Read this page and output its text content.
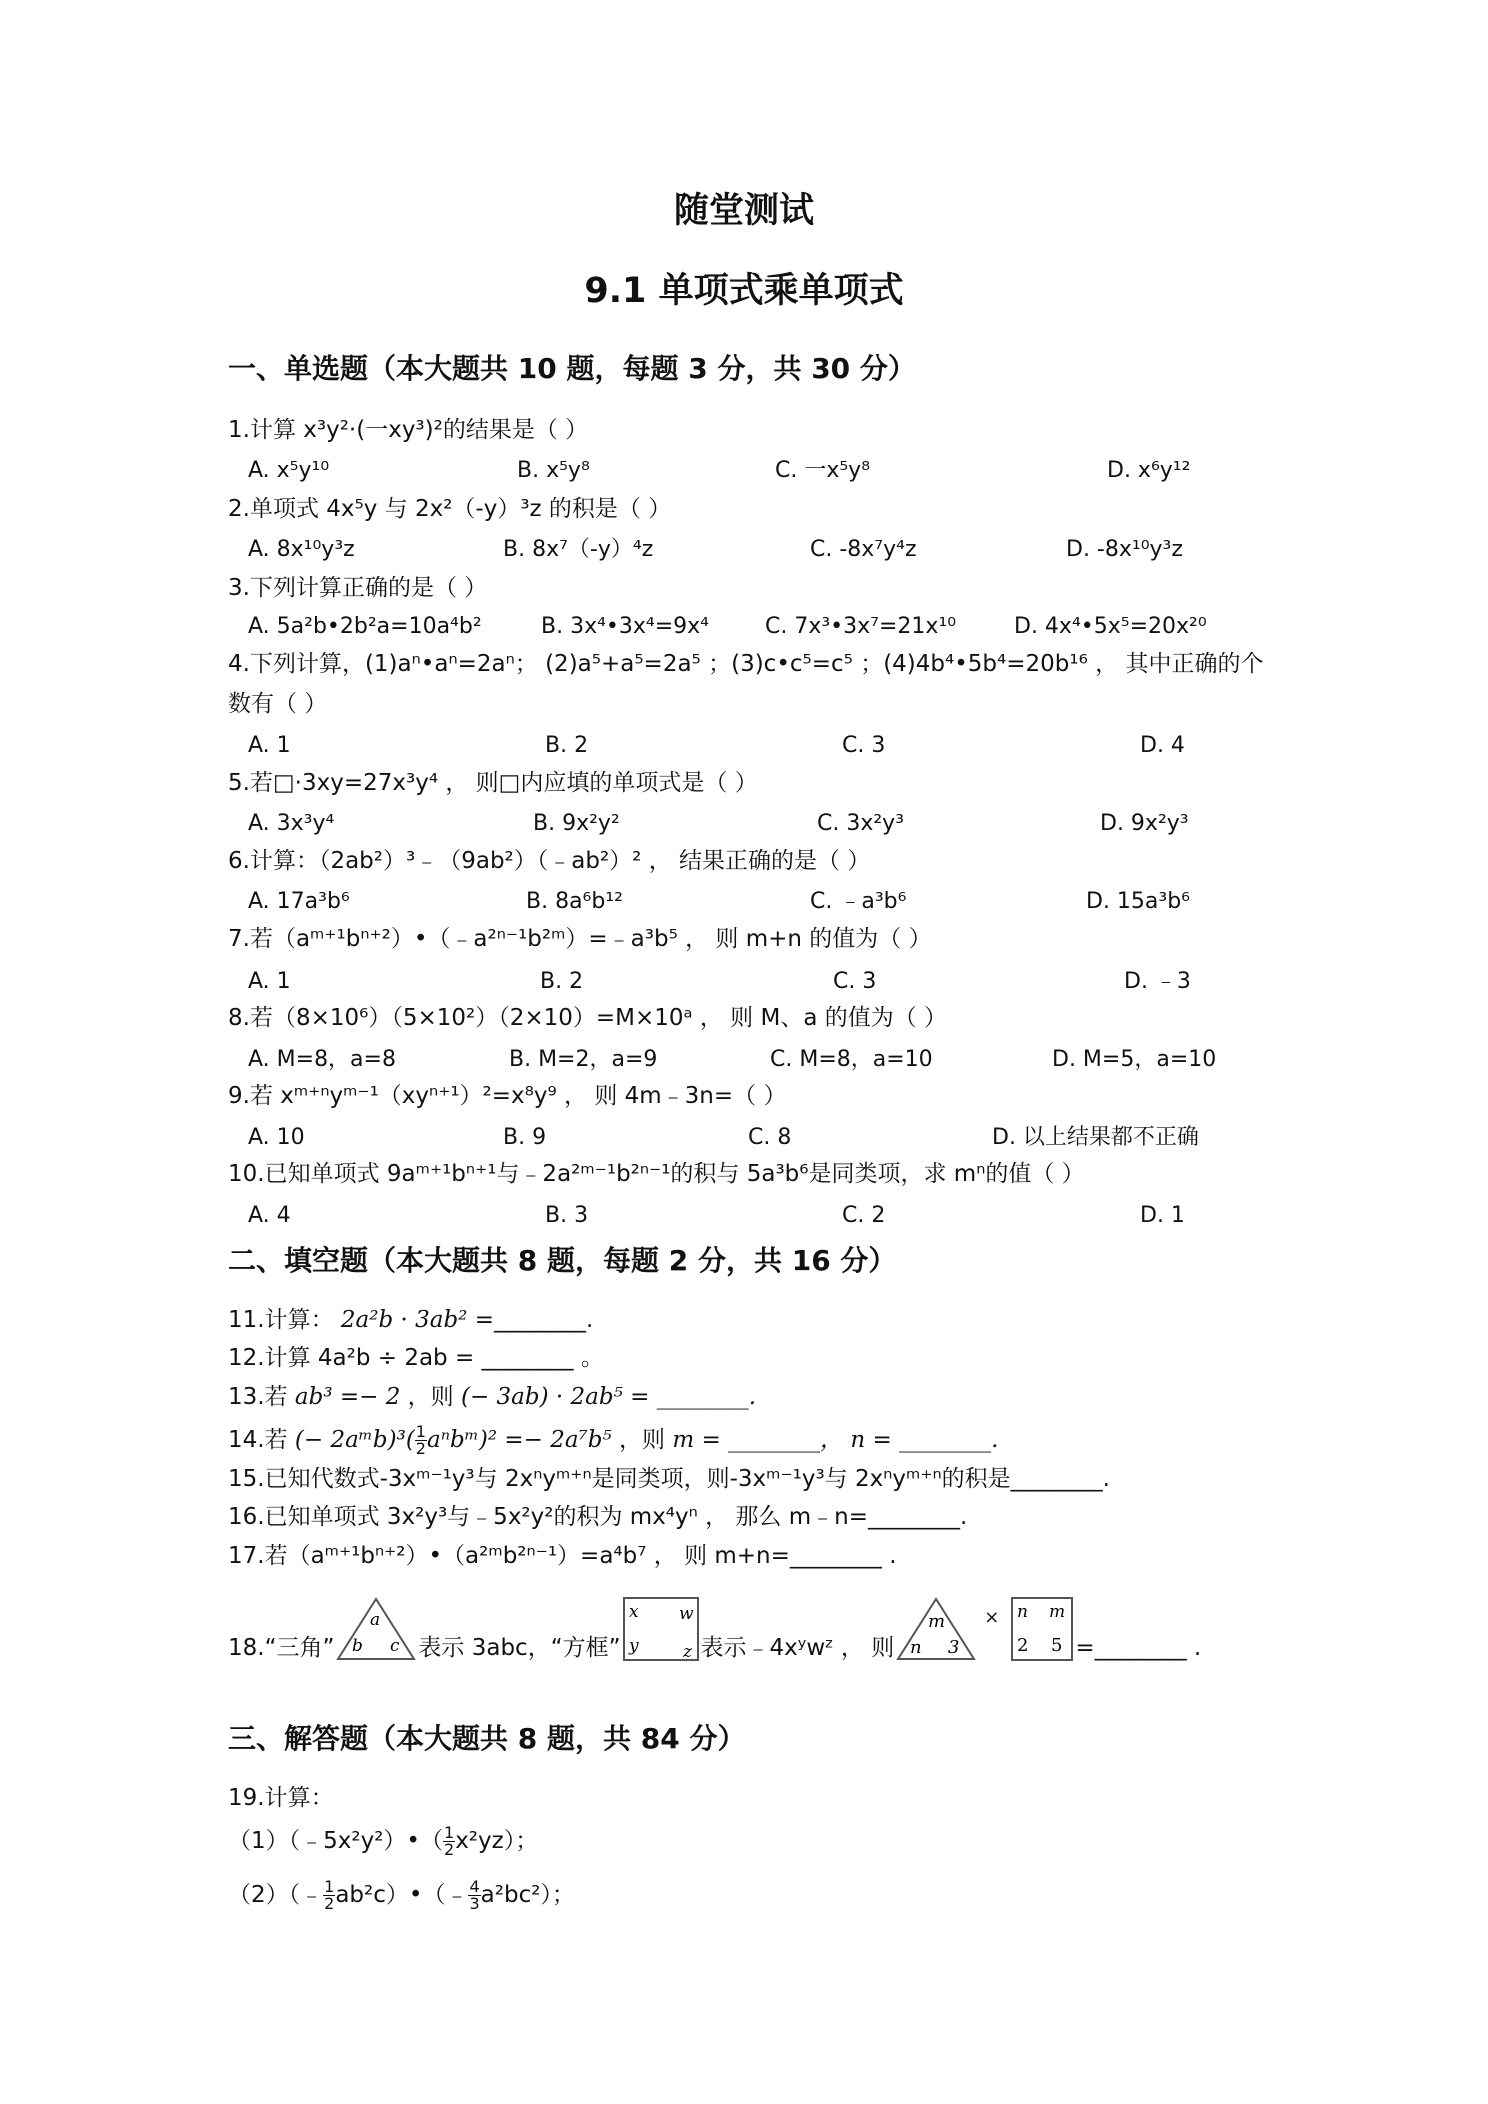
随堂测试
9.1 单项式乘单项式
一、单选题（本大题共 10 题，每题 3 分，共 30 分）
1.计算 x³y²·(一xy³)²的结果是（ ）
A. x⁵y¹⁰	B. x⁵y⁸	C. 一x⁵y⁸	D. x⁶y¹²
2.单项式 4x⁵y 与 2x²（-y）³z 的积是（ ）
A. 8x¹⁰y³z	B. 8x⁷（-y）⁴z	C. -8x⁷y⁴z	D. -8x¹⁰y³z
3.下列计算正确的是（ ）
A. 5a²b•2b²a=10a⁴b²	B. 3x⁴•3x⁴=9x⁴	C. 7x³•3x⁷=21x¹⁰	D. 4x⁴•5x⁵=20x²⁰
4.下列计算，(1)aⁿ•aⁿ=2aⁿ； (2)a⁵+a⁵=2a⁵ ；(3)c•c⁵=c⁵ ；(4)4b⁴•5b⁴=20b¹⁶ ， 其中正确的个
数有（ ）
A. 1	B. 2	C. 3	D. 4
5.若□·3xy=27x³y⁴ ， 则□内应填的单项式是（ ）
A. 3x³y⁴	B. 9x²y²	C. 3x²y³	D. 9x²y³
6.计算：（2ab²）³﹣（9ab²）（﹣ab²）² ， 结果正确的是（ ）
A. 17a³b⁶	B. 8a⁶b¹²	C. ﹣a³b⁶	D. 15a³b⁶
7.若（aᵐ⁺¹bⁿ⁺²）•（﹣a²ⁿ⁻¹b²ᵐ）=﹣a³b⁵ ， 则 m+n 的值为（ ）
A. 1	B. 2	C. 3	D. ﹣3
8.若（8×10⁶）（5×10²）（2×10）=M×10ᵃ ， 则 M、a 的值为（ ）
A. M=8，a=8	B. M=2，a=9	C. M=8，a=10	D. M=5，a=10
9.若 xᵐ⁺ⁿyᵐ⁻¹（xyⁿ⁺¹）²=x⁸y⁹ ， 则 4m﹣3n=（ ）
A. 10	B. 9	C. 8	D. 以上结果都不正确
10.已知单项式 9aᵐ⁺¹bⁿ⁺¹与﹣2a²ᵐ⁻¹b²ⁿ⁻¹的积与 5a³b⁶是同类项，求 mⁿ的值（ ）
A. 4	B. 3	C. 2	D. 1
二、填空题（本大题共 8 题，每题 2 分，共 16 分）
11.计算： 2a²b · 3ab² =________.
12.计算 4a²b ÷ 2ab = ________ 。
13.若 ab³ =− 2 ，则 (− 3ab) · 2ab⁵ = ________.
14.若 (− 2aᵐb)³( $\frac{1}{2}$ aⁿbᵐ)² =− 2a⁷b⁵ ，则 m = ________， n = ________.
15.已知代数式-3xᵐ⁻¹y³与 2xⁿyᵐ⁺ⁿ是同类项，则-3xᵐ⁻¹y³与 2xⁿyᵐ⁺ⁿ的积是________.
16.已知单项式 3x²y³与﹣5x²y²的积为 mx⁴yⁿ ， 那么 m﹣n=________.
17.若（aᵐ⁺¹bⁿ⁺²）•（a²ᵐb²ⁿ⁻¹）=a⁴b⁷ ， 则 m+n=________ .
18.“三角”
a
b c 表示 3abc，“方框”
x w
y	z 表示﹣4xʸwᶻ ， 则
m
n 3
×	n m
2 5 =________ .
三、解答题（本大题共 8 题，共 84 分）
19.计算：
（1）（﹣5x²y²）•（ $\frac{1}{2} x^2yz$）；
（2）（﹣ $\frac{1}{2}$ ab²c）•（﹣ $\frac{4}{3} a^2bc^2$）；
